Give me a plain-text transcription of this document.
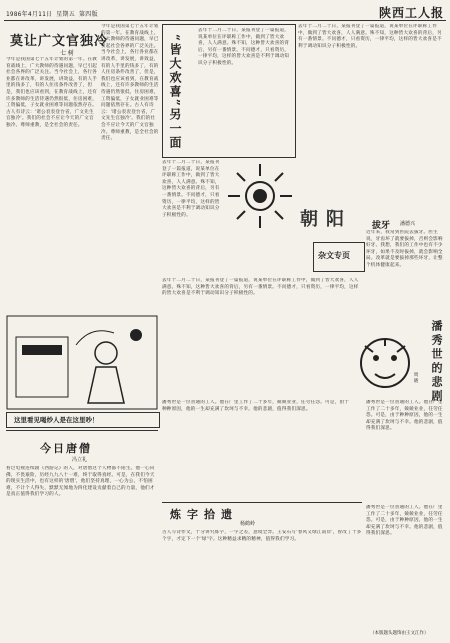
1986年4月11日 星期五 第四版	陕西工人报
莫让广文官独冷
七 树
今年是我国第七个五年计划的第一年。在教育战线上，广大教师的待遇问题，早已引起社会各界的广泛关注。当今社会上，各行各业都在讲改革，讲发展，讲效益，有的人手里的钱多了，有的人住房条件改善了，但是，我们也应该看到，在教育战线上，还有许多教师的生活待遇仍然很低，住房困难，工资偏低，子女就业困难等问题依然存在。古人有诗云：'诸公衮衮登台省，广文先生官独冷'。我们的社会不应让今天的广文官独冷。尊师重教，是全社会的责任。
今年是我国第七个五年计划的第一年。在教育战线上，广大教师的待遇问题，早已引起社会各界的广泛关注。当今社会上，各行各业都在讲改革，讲发展，讲效益，有的人手里的钱多了，有的人住房条件改善了，但是，我们也应该看到，在教育战线上，还有许多教师的生活待遇仍然很低，住房困难，工资偏低，子女就业困难等问题依然存在。古人有诗云：'诸公衮衮登台省，广文先生官独冷'。我们的社会不应让今天的广文官独冷。尊师重教，是全社会的责任。	“皆大欢喜”另一面
去年十二月二十日，某报刊登了一篇报道，说某单位在评职称工作中，做到了皆大欢喜，人人满意。殊不知，这种皆大欢喜的背后，另有一番情景。不问德才，只看资历，一律平均，这样的皆大欢喜是不利于调动知识分子积极性的。
去年十二月二十日，某报刊登了一篇报道，说某单位在评职称工作中，做到了皆大欢喜，人人满意。殊不知，这种皆大欢喜的背后，另有一番情景。不问德才，只看资历，一律平均，这样的皆大欢喜是不利于调动知识分子积极性的。
去年十二月二十日，某报刊登了一篇报道，说某单位在评职称工作中，做到了皆大欢喜，人人满意。殊不知，这种皆大欢喜的背后，另有一番情景。不问德才，只看资历，一律平均，这样的皆大欢喜是不利于调动知识分子积极性的。	朝阳
杂文专页
拔牙 潘德兴
近年来，我常到医院去拔牙。医生说，牙齿坏了就要拔掉，否则会影响好牙。我想，我们的工作中也有不少坏牙，如果不及时拔掉，就会影响全局。改革就是要拔掉那些坏牙，让整个机体健康起来。
这里看见喝炒人是在这里吵！
今日唐僧
冯立礼
看过电视连续剧《西游记》的人，对唐僧这个人物都不陌生。他一心向佛，不畏艰险，历经九九八十一难，终于取得真经。可是，在我们今天的现实生活中，也有这样的'唐僧'，他们坚持真理，一心为公，不怕困难，不计个人得失，默默无闻地为四化建设贡献着自己的力量，他们才是真正值得我们学习的人。
去年十二月二十日，某报刊登了一篇报道，说某单位在评职称工作中，做到了皆大欢喜，人人满意。殊不知，这种皆大欢喜的背后，另有一番情景。不问德才，只看资历，一律平均，这样的皆大欢喜是不利于调动知识分子积极性的。
潘秀世的悲剧
周 晓
潘秀世是一位普通的工人。他在厂里工作了二十多年，兢兢业业，任劳任怨。可是，由于种种原因，他的一生却充满了坎坷与不幸。他的悲剧，值得我们深思。
炼字拾遗
杨鹤岭
古人写诗作文，十分讲究炼字，一字之差，意境全异。王安石写'春风又绿江南岸'，曾改了十多个字，才定下一个'绿'字。这种精益求精的精神，值得我们学习。
潘秀世是一位普通的工人。他在厂里工作了二十多年，兢兢业业，任劳任怨。可是，由于种种原因，他的一生却充满了坎坷与不幸。他的悲剧，值得我们深思。
潘秀世是一位普通的工人。他在厂里工作了二十多年，兢兢业业，任劳任怨。可是，由于种种原因，他的一生却充满了坎坷与不幸。他的悲剧，值得我们深思。
（本版题头题饰由王文江作）
